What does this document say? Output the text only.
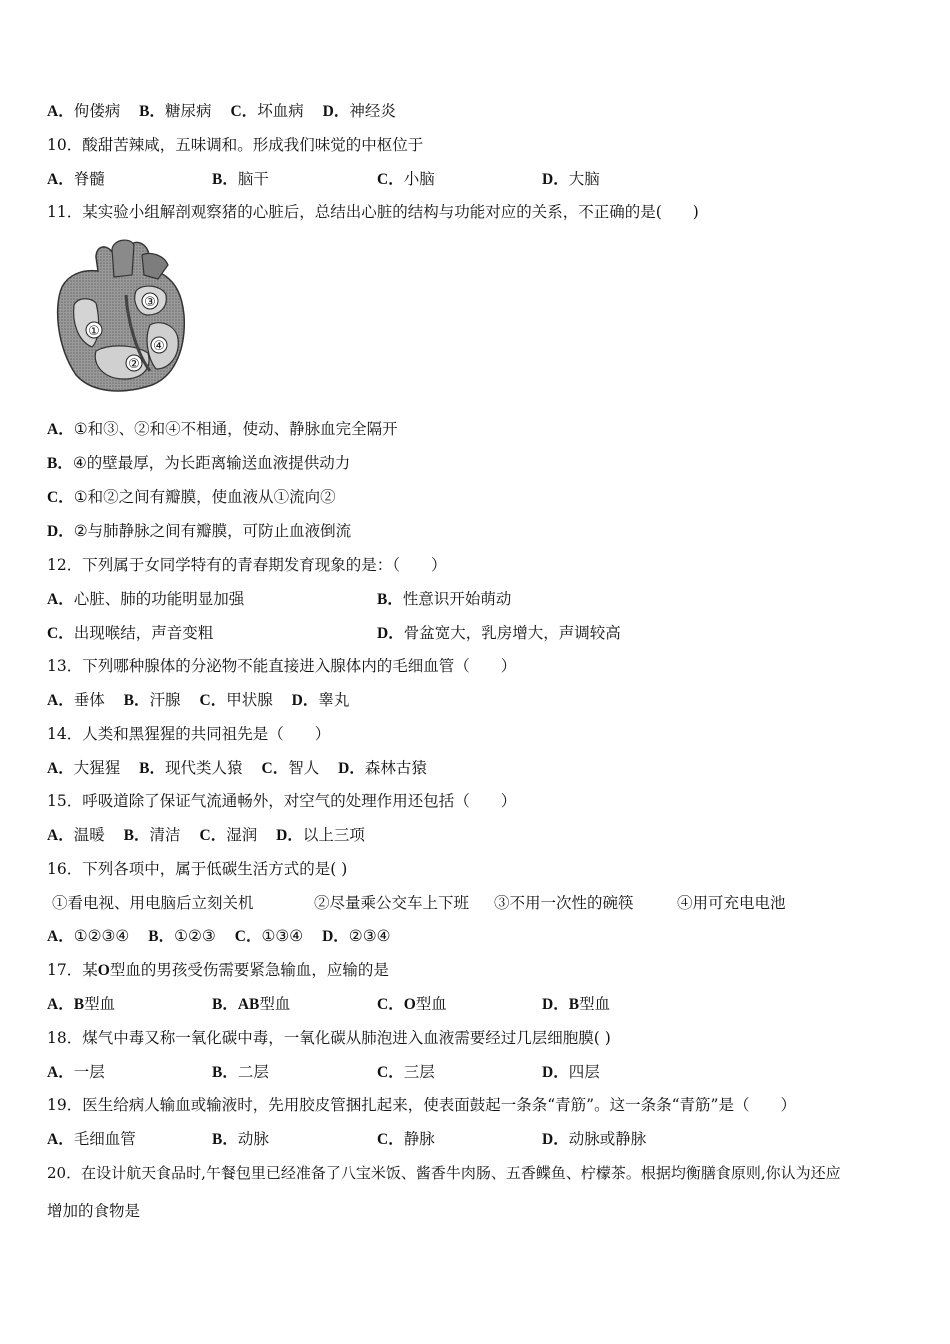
A．佝偻病 B．糖尿病 C．坏血病 D．神经炎
10．酸甜苦辣咸，五味调和。形成我们味觉的中枢位于
A．脊髓	B．脑干	C．小脑	D．大脑
11．某实验小组解剖观察猪的心脏后，总结出心脏的结构与功能对应的关系，不正确的是(　　)
①
②
③
④
A．①和③、②和④不相通，使动、静脉血完全隔开
B．④的壁最厚，为长距离输送血液提供动力
C．①和②之间有瓣膜，使血液从①流向②
D．②与肺静脉之间有瓣膜，可防止血液倒流
12．下列属于女同学特有的青春期发育现象的是：（　　）
A．心脏、肺的功能明显加强	B．性意识开始萌动
C．出现喉结，声音变粗	D．骨盆宽大，乳房增大，声调较高
13．下列哪种腺体的分泌物不能直接进入腺体内的毛细血管（　　）
A．垂体 B．汗腺 C．甲状腺 D．睾丸
14．人类和黑猩猩的共同祖先是（　　）
A．大猩猩 B．现代类人猿 C．智人 D．森林古猿
15．呼吸道除了保证气流通畅外，对空气的处理作用还包括（　　）
A．温暖 B．清洁 C．湿润 D．以上三项
16．下列各项中，属于低碳生活方式的是( )
①看电视、用电脑后立刻关机	②尽量乘公交车上下班 ③不用一次性的碗筷	④用可充电电池
A．①②③④ B．①②③ C．①③④ D．②③④
17．某O型血的男孩受伤需要紧急输血，应输的是
A．B型血	B．AB型血	C．O型血	D．B型血
18．煤气中毒又称一氧化碳中毒，一氧化碳从肺泡进入血液需要经过几层细胞膜( )
A．一层	B．二层	C．三层	D．四层
19．医生给病人输血或输液时，先用胶皮管捆扎起来，使表面鼓起一条条“青筋”。这一条条“青筋”是（　　）
A．毛细血管	B．动脉	C．静脉	D．动脉或静脉
20．在设计航天食品时,午餐包里已经准备了八宝米饭、酱香牛肉肠、五香鲽鱼、柠檬茶。根据均衡膳食原则,你认为还应
增加的食物是
